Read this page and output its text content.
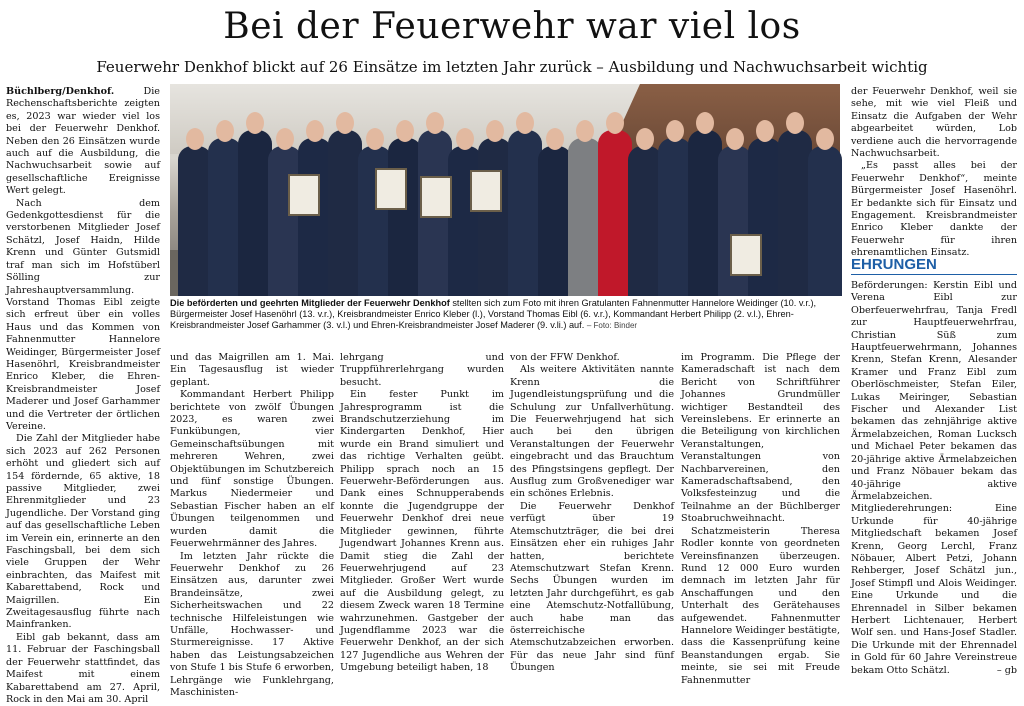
Bei der Feuerwehr war viel los
Feuerwehr Denkhof blickt auf 26 Einsätze im letzten Jahr zurück – Ausbildung und Nachwuchsarbeit wichtig

Büchlberg/Denkhof.	Die Rechenschaftsberichte zeigten es, 2023 war wieder viel los bei der Feuerwehr Denkhof. Neben den 26 Einsätzen wurde auch auf die Ausbildung, die Nachwuchsarbeit sowie auf gesellschaftliche Ereignisse Wert gelegt.

Nach dem Gedenkgottesdienst für die verstorbenen Mitglieder Josef Schätzl, Josef Haidn, Hilde Krenn und Günter Gutsmidl traf man sich im Hofstüberl Sölling zur Jahreshauptversammlung. Vorstand Thomas Eibl zeigte sich erfreut über ein volles Haus und das Kommen von Fahnenmutter Hannelore Weidinger, Bürgermeister Josef Hasenöhrl, Kreisbrandmeister Enrico Kleber, die Ehren-Kreisbrandmeister Josef Maderer und Josef Garhammer und die Vertreter der örtlichen Vereine.

Die Zahl der Mitglieder habe sich 2023 auf 262 Personen erhöht und gliedert sich auf 154 fördernde, 65 aktive, 18 passive Mitglieder, zwei Ehrenmitglieder und 23 Jugendliche. Der Vorstand ging auf das gesellschaftliche Leben im Verein ein, erinnerte an den Faschingsball, bei dem sich viele Gruppen der Wehr einbrachten, das Maifest mit Kabarettabend, Rock und Maigrillen. Ein Zweitagesausflug führte nach Mainfranken.

Eibl gab bekannt, dass am 11. Februar der Faschingsball der Feuerwehr stattfindet, das Maifest mit einem Kabarettabend am 27. April, Rock in den Mai am 30. April

Die beförderten und geehrten Mitglieder der Feuerwehr Denkhof stellten sich zum Foto mit ihren Gratulanten Fahnenmutter Hannelore Weidinger (10. v.r.), Bürgermeister Josef Hasenöhrl (13. v.r.), Kreisbrandmeister Enrico Kleber (l.), Vorstand Thomas Eibl (6. v.r.), Kommandant Herbert Philipp (2. v.l.), Ehren-Kreisbrandmeister Josef Garhammer (3. v.l.) und Ehren-Kreisbrandmeister Josef Maderer (9. v.li.) auf. – Foto: Binder

und das Maigrillen am 1. Mai. Ein Tagesausflug ist wieder geplant.

Kommandant Herbert Philipp berichtete von zwölf Übungen 2023, es waren zwei Funkübungen, vier Gemeinschaftsübungen mit mehreren Wehren, zwei Objektübungen im Schutzbereich und fünf sonstige Übungen. Markus Niedermeier und Sebastian Fischer haben an elf Übungen teilgenommen und wurden damit die Feuerwehrmänner des Jahres.

Im letzten Jahr rückte die Feuerwehr Denkhof zu 26 Einsätzen aus, darunter zwei Brandeinsätze, zwei Sicherheitswachen und 22 technische Hilfeleistungen wie Unfälle, Hochwasser- und Sturmereignisse. 17 Aktive haben das Leistungsabzeichen von Stufe 1 bis Stufe 6 erworben, Lehrgänge wie Funklehrgang, Maschinisten-

lehrgang und Truppführerlehrgang wurden besucht.

Ein fester Punkt im Jahresprogramm ist die Brandschutzerziehung im Kindergarten Denkhof, Hier wurde ein Brand simuliert und das richtige Verhalten geübt. Philipp sprach noch an 15 Feuerwehr-Beförderungen aus. Dank eines Schnupperabends konnte die Jugendgruppe der Feuerwehr Denkhof drei neue Mitglieder gewinnen, führte Jugendwart Johannes Krenn aus. Damit stieg die Zahl der Feuerwehrjugend auf 23 Mitglieder. Großer Wert wurde auf die Ausbildung gelegt, zu diesem Zweck waren 18 Termine wahrzunehmen. Gastgeber der Jugendflamme 2023 war die Feuerwehr Denkhof, an der sich 127 Jugendliche aus Wehren der Umgebung beteiligt haben, 18

von der FFW Denkhof.

Als weitere Aktivitäten nannte Krenn die Jugendleistungsprüfung und die Schulung zur Unfallverhütung. Die Feuerwehrjugend hat sich auch bei den übrigen Veranstaltungen der Feuerwehr eingebracht und das Brauchtum des Pfingstsingens gepflegt. Der Ausflug zum Großvenediger war ein schönes Erlebnis.

Die Feuerwehr Denkhof verfügt über 19 Atemschutzträger, die bei drei Einsätzen eher ein ruhiges Jahr hatten, berichtete Atemschutzwart Stefan Krenn. Sechs Übungen wurden im letzten Jahr durchgeführt, es gab eine Atemschutz-Notfallübung, auch habe man das österreichische Atemschutzabzeichen erworben. Für das neue Jahr sind fünf Übungen

im Programm. Die Pflege der Kameradschaft ist nach dem Bericht von Schriftführer Johannes Grundmüller wichtiger Bestandteil des Vereinslebens. Er erinnerte an die Beteiligung von kirchlichen Veranstaltungen, Veranstaltungen von Nachbarvereinen, den Kameradschaftsabend, den Volksfesteinzug und die Teilnahme an der Büchlberger Stoabruchweihnacht.

Schatzmeisterin Theresa Rodler konnte von geordneten Vereinsfinanzen überzeugen. Rund 12 000 Euro wurden demnach im letzten Jahr für Anschaffungen und den Unterhalt des Gerätehauses aufgewendet. Fahnenmutter Hannelore Weidinger bestätigte, dass die Kassenprüfung keine Beanstandungen ergab. Sie meinte, sie sei mit Freude Fahnenmutter

der Feuerwehr Denkhof, weil sie sehe, mit wie viel Fleiß und Einsatz die Aufgaben der Wehr abgearbeitet würden, Lob verdiene auch die hervorragende Nachwuchsarbeit.

„Es passt alles bei der Feuerwehr Denkhof“, meinte Bürgermeister Josef Hasenöhrl. Er bedankte sich für Einsatz und Engagement. Kreisbrandmeister Enrico Kleber dankte der Feuerwehr für ihren ehrenamtlichen Einsatz.

EHRUNGEN

Beförderungen: Kerstin Eibl und Verena Eibl zur Oberfeuerwehrfrau, Tanja Fredl zur Hauptfeuerwehrfrau, Christian Süß zum Hauptfeuerwehrmann, Johannes Krenn, Stefan Krenn, Alesander Kramer und Franz Eibl zum Oberlöschmeister, Stefan Eiler, Lukas Meiringer, Sebastian Fischer und Alexander List bekamen das zehnjährige aktive Ärmelabzeichen, Roman Lucksch und Michael Peter bekamen das 20-jährige aktive Ärmelabzeichen und Franz Nöbauer bekam das 40-jährige aktive Ärmelabzeichen. Mitgliederehrungen: Eine Urkunde für 40-jährige Mitgliedschaft bekamen Josef Krenn, Georg Lerchl, Franz Nöbauer, Albert Petzi, Johann Rehberger, Josef Schätzl jun., Josef Stimpfl und Alois Weidinger. Eine Urkunde und die Ehrennadel in Silber bekamen Herbert Lichtenauer, Herbert Wolf sen. und Hans-Josef Stadler. Die Urkunde mit der Ehrennadel in Gold für 60 Jahre Vereinstreue bekam Otto Schätzl.	– gb
